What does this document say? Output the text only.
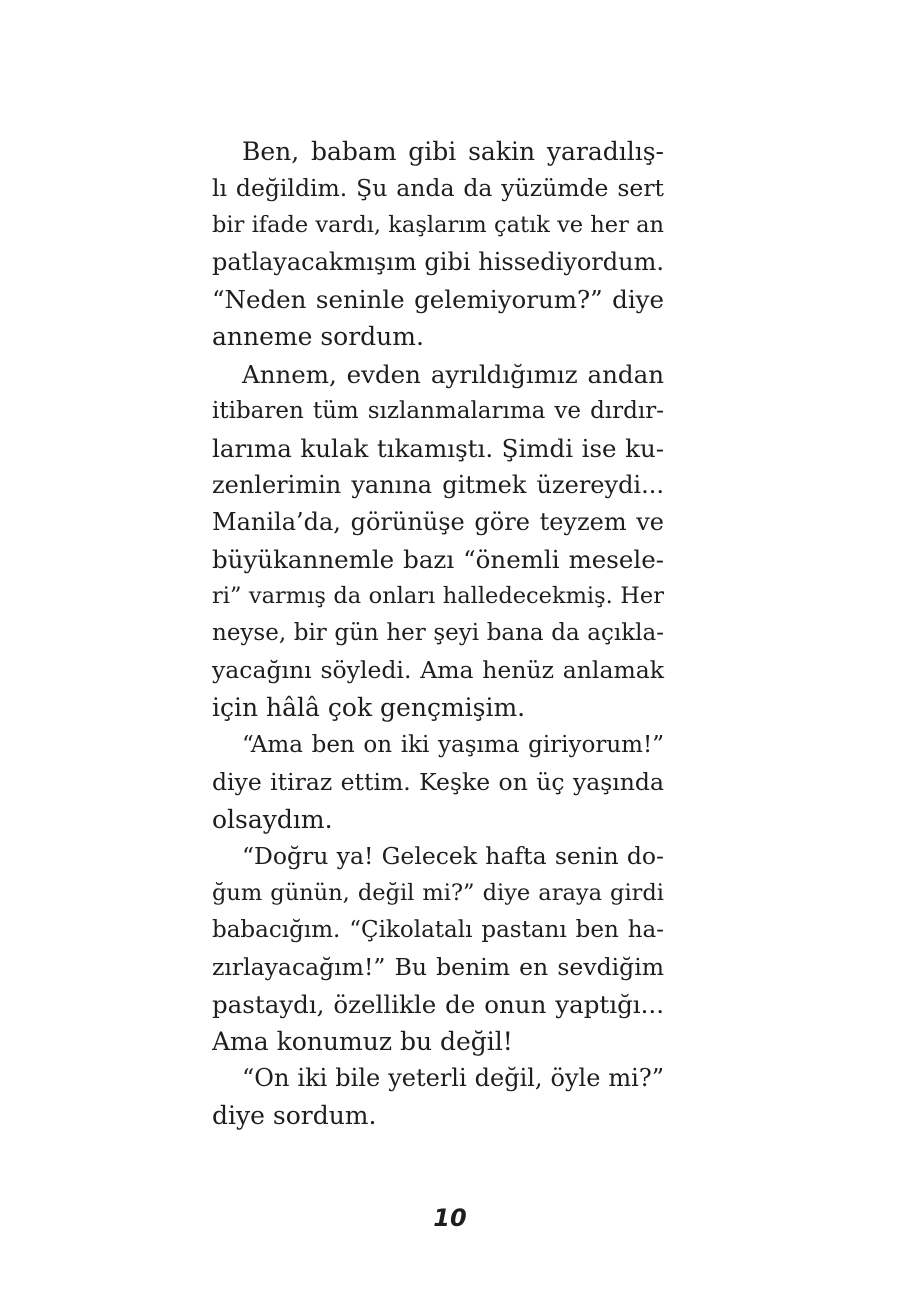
Ben, babam gibi sakin yaradılış-
lı değildim. Şu anda da yüzümde sert
bir ifade vardı, kaşlarım çatık ve her an
patlayacakmışım gibi hissediyordum.
“Neden seninle gelemiyorum?” diye
anneme sordum.

Annem, evden ayrıldığımız andan
itibaren tüm sızlanmalarıma ve dırdır-
larıma kulak tıkamıştı. Şimdi ise ku-
zenlerimin yanına gitmek üzereydi...
Manila’da, görünüşe göre teyzem ve
büyükannemle bazı “önemli mesele-
ri” varmış da onları halledecekmiş. Her
neyse, bir gün her şeyi bana da açıkla-
yacağını söyledi. Ama henüz anlamak
için hâlâ çok gençmişim.

“Ama ben on iki yaşıma giriyorum!”
diye itiraz ettim. Keşke on üç yaşında
olsaydım.

“Doğru ya! Gelecek hafta senin do-
ğum günün, değil mi?” diye araya girdi
babacığım. “Çikolatalı pastanı ben ha-
zırlayacağım!” Bu benim en sevdiğim
pastaydı, özellikle de onun yaptığı...
Ama konumuz bu değil!

“On iki bile yeterli değil, öyle mi?”
diye sordum.

10
